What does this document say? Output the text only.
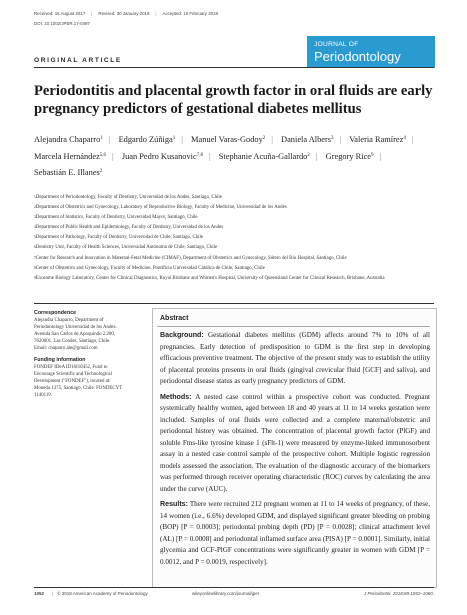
Received: 16 August 2017 | Revised: 30 January 2018 | Accepted: 16 February 2018
DOI: 10.1002/JPER.17-0497
JOURNAL OF
Periodontology
ORIGINAL ARTICLE
Periodontitis and placental growth factor in oral fluids are early pregnancy predictors of gestational diabetes mellitus
Alejandra Chaparro$^1$ | Edgardo Zúñiga$^1$ | Manuel Varas-Godoy$^2$ | Daniela Albers$^3$ | Valeria Ramírez$^4$ | Marcela Hernández$^{5,6}$ | Juan Pedro Kusanovic$^{7,8}$ | Stephanie Acuña-Gallardo$^2$ | Gregory Rice$^9$ | Sebastián E. Illanes$^2$
$^1$Department of Periodontology, Faculty of Dentistry, Universidad de los Andes, Santiago, Chile
$^2$Department of Obstetrics and Gynecology, Laboratory of Reproductive Biology, Faculty of Medicine, Universidad de los Andes
$^3$Department of Statistics, Faculty of Dentistry, Universidad Mayor, Santiago, Chile
$^4$Department of Public Health and Epidemiology, Faculty of Dentistry, Universidad de los Andes
$^5$Department of Pathology, Faculty of Dentistry, Universidad de Chile, Santiago, Chile
$^6$Dentistry Unit, Faculty of Health Sciences, Universidad Autónoma de Chile, Santiago, Chile
$^7$Center for Research and Innovation in Maternal-Fetal Medicine (CIMAF), Department of Obstetrics and Gynecology, Sótero del Río Hospital, Santiago, Chile
$^8$Center of Obstetrics and Gynecology, Faculty of Medicine, Pontificia Universidad Católica de Chile, Santiago, Chile
$^9$Exosome Biology Laboratory, Center for Clinical Diagnostics, Royal Brisbane and Women's Hospital, University of Queensland Center for Clinical Research, Brisbane, Australia
Correspondence
Alejandra Chaparro, Department of
Periodontology Universidad de los Andes.
Avenida San Carlos de Apoquindo 2.200,
7620001, Las Condes, Santiago, Chile.
Email: chaparro.ale@gmail.com
Funding information
FONDEF IDeA ID16I10452, Fund to
Encourage Scientific and Technological
Development ("FONDEF"), located at:
Moneda 1375, Santiago, Chile. FONDECYT
1140119.
Abstract

Background: Gestational diabetes mellitus (GDM) affects around 7% to 10% of all pregnancies. Early detection of predisposition to GDM is the first step in developing efficacious preventive treatment. The objective of the present study was to establish the utility of placental proteins presents in oral fluids (gingival crevicular fluid [GCF] and saliva), and periodontal disease status as early pregnancy predictors of GDM.

Methods: A nested case control within a prospective cohort was conducted. Pregnant systemically healthy women, aged between 18 and 40 years at 11 to 14 weeks gestation were included. Samples of oral fluids were collected and a complete maternal/obstetric and periodontal history was obtained. The concentration of placental growth factor (PlGF) and soluble Fms-like tyrosine kinase 1 (sFlt-1) were measured by enzyme-linked immunosorbent assay in a nested case control sample of the prospective cohort. Multiple logistic regression models assessed the association. The evaluation of the diagnostic accuracy of the biomarkers was performed through receiver operating characteristic (ROC) curves by calculating the area under the curve (AUC).

Results: There were recruited 212 pregnant women at 11 to 14 weeks of pregnancy, of these, 14 women (i.e., 6.6%) developed GDM, and displayed significant greater bleeding on probing (BOP) [P = 0.0003]; periodontal probing depth (PD) [P = 0.0028]; clinical attachment level (AL) [P = 0.0008] and periodontal inflamed surface area (PISA) [P = 0.0001]. Similarly, initial glycemia and GCF-PlGF concentrations were significantly greater in women with GDM [P = 0.0012, and P = 0.0019, respectively].

1052 | © 2018 American Academy of Periodontology	wileyonlinelibrary.com/journal/jper	J Periodontol. 2018;89:1052–1060.
